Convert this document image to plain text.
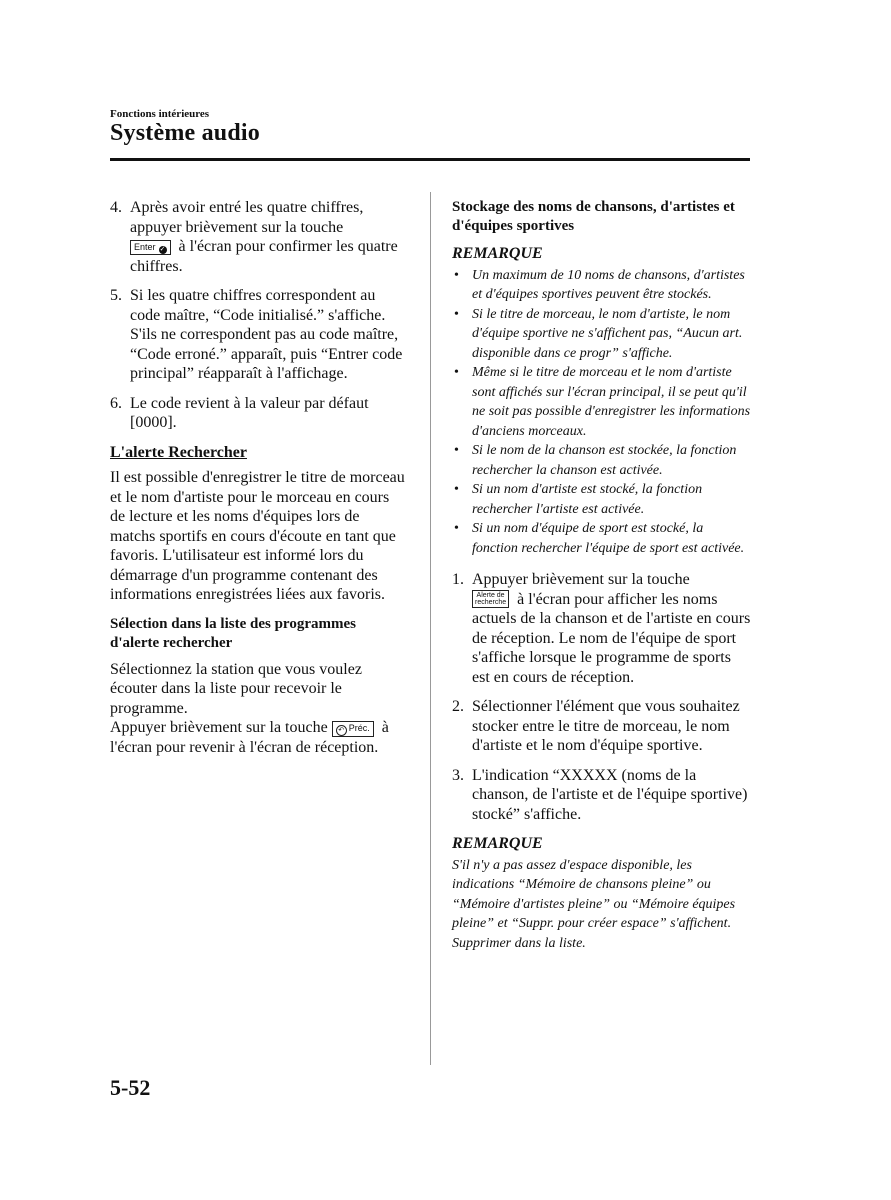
Fonctions intérieures
Système audio
4. Après avoir entré les quatre chiffres, appuyer brièvement sur la touche
Enter ✓ à l'écran pour confirmer les quatre chiffres.
5. Si les quatre chiffres correspondent au code maître, “Code initialisé.” s'affiche. S'ils ne correspondent pas au code maître, “Code erroné.” apparaît, puis “Entrer code principal” réapparaît à l'affichage.
6. Le code revient à la valeur par défaut [0000].
L'alerte Rechercher

Il est possible d'enregistrer le titre de morceau et le nom d'artiste pour le morceau en cours de lecture et les noms d'équipes lors de matchs sportifs en cours d'écoute en tant que favoris. L'utilisateur est informé lors du démarrage d'un programme contenant des informations enregistrées liées aux favoris.

Sélection dans la liste des programmes d'alerte rechercher

Sélectionnez la station que vous voulez écouter dans la liste pour recevoir le programme.

Appuyer brièvement sur la touche ↶ Préc. à l'écran pour revenir à l'écran de réception.

Stockage des noms de chansons, d'artistes et d'équipes sportives
REMARQUE
• Un maximum de 10 noms de chansons, d'artistes et d'équipes sportives peuvent être stockés.
• Si le titre de morceau, le nom d'artiste, le nom d'équipe sportive ne s'affichent pas, “Aucun art. disponible dans ce progr” s'affiche.
• Même si le titre de morceau et le nom d'artiste sont affichés sur l'écran principal, il se peut qu'il ne soit pas possible d'enregistrer les informations d'anciens morceaux.
• Si le nom de la chanson est stockée, la fonction rechercher la chanson est activée.
• Si un nom d'artiste est stocké, la fonction rechercher l'artiste est activée.
• Si un nom d'équipe de sport est stocké, la fonction rechercher l'équipe de sport est activée.
1. Appuyer brièvement sur la touche
Alerte de
recherche à l'écran pour afficher les noms actuels de la chanson et de l'artiste en cours de réception. Le nom de l'équipe de sport s'affiche lorsque le programme de sports est en cours de réception.
2. Sélectionner l'élément que vous souhaitez stocker entre le titre de morceau, le nom d'artiste et le nom d'équipe sportive.
3. L'indication “XXXXX (noms de la chanson, de l'artiste et de l'équipe sportive) stocké” s'affiche.
REMARQUE

S'il n'y a pas assez d'espace disponible, les indications “Mémoire de chansons pleine” ou “Mémoire d'artistes pleine” ou “Mémoire équipes pleine” et “Suppr. pour créer espace” s'affichent. Supprimer dans la liste.

5-52
